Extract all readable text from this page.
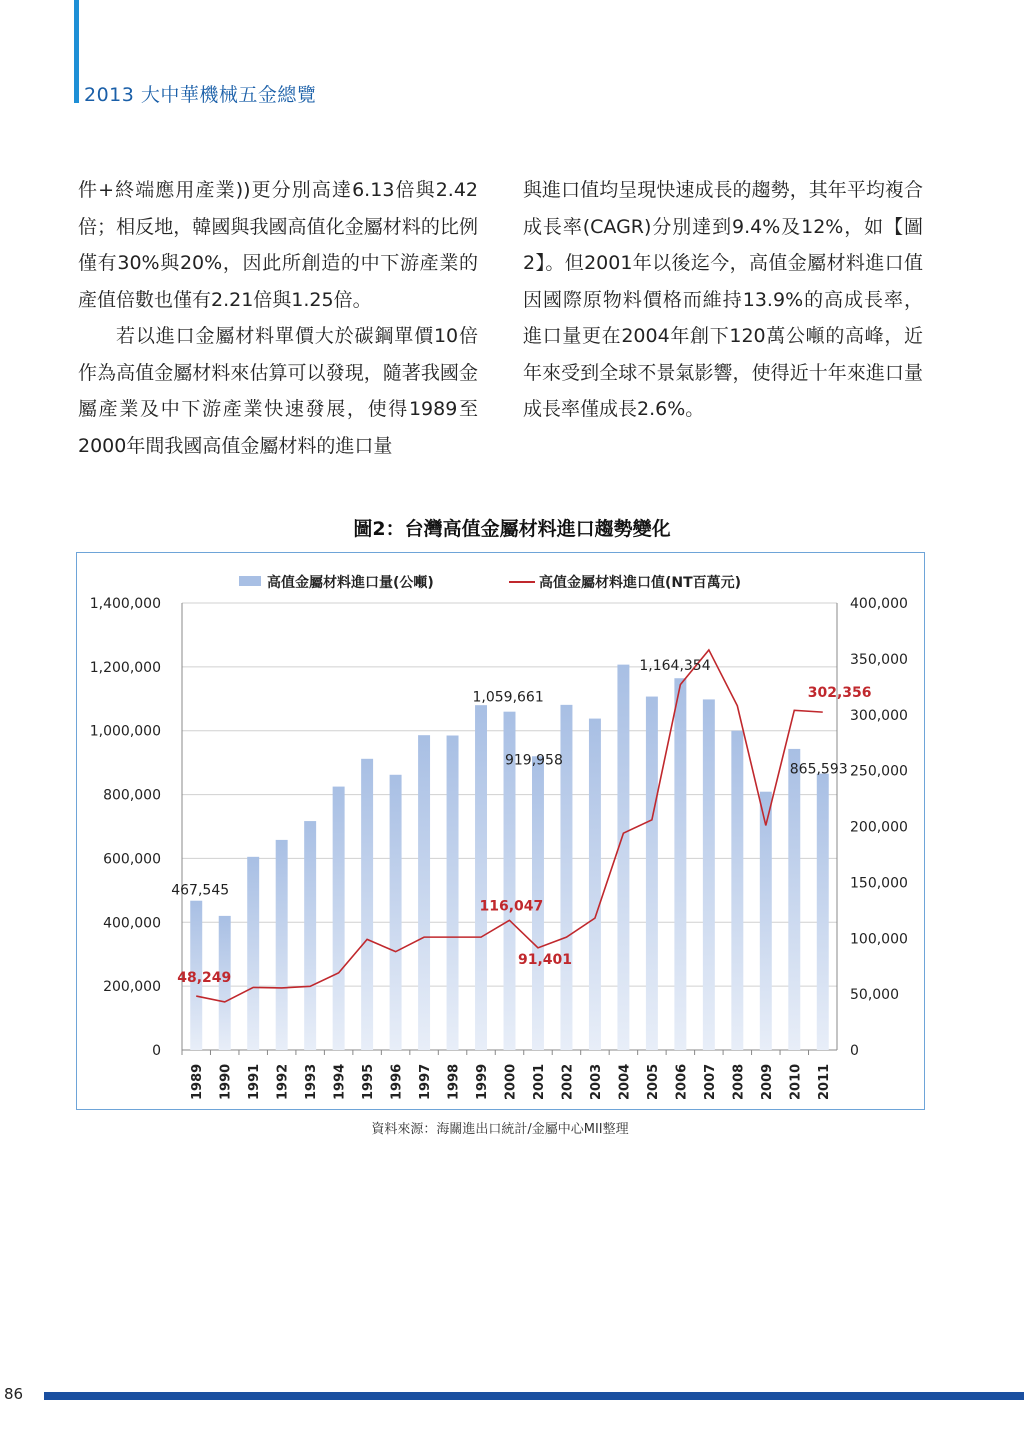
2013 大中華機械五金總覽

件+終端應用產業))更分別高達6.13倍與2.42倍；相反地，韓國與我國高值化金屬材料的比例僅有30%與20%，因此所創造的中下游產業的產值倍數也僅有2.21倍與1.25倍。

若以進口金屬材料單價大於碳鋼單價10倍作為高值金屬材料來估算可以發現，隨著我國金屬產業及中下游產業快速發展，使得1989至2000年間我國高值金屬材料的進口量

與進口值均呈現快速成長的趨勢，其年平均複合成長率(CAGR)分別達到9.4%及12%，如【圖2】。但2001年以後迄今，高值金屬材料進口值因國際原物料價格而維持13.9%的高成長率，進口量更在2004年創下120萬公噸的高峰，近年來受到全球不景氣影響，使得近十年來進口量成長率僅成長2.6%。

圖2：台灣高值金屬材料進口趨勢變化
0
200,000
400,000
600,000
800,000
1,000,000
1,200,000
1,400,000
0
50,000
100,000
150,000
200,000
250,000
300,000
350,000
400,000
1989 1990 1991 1992 1993 1994 1995 1996 1997 1998 1999 2000 2001 2002 2003 2004 2005 2006 2007 2008 2009 2010 2011
467,545
1,059,661
919,958
1,164,354
865,593
48,249
116,047
91,401
302,356
高值金屬材料進口量(公噸)	高值金屬材料進口值(NT百萬元)
資料來源：海關進出口統計/金屬中心MII整理
86
